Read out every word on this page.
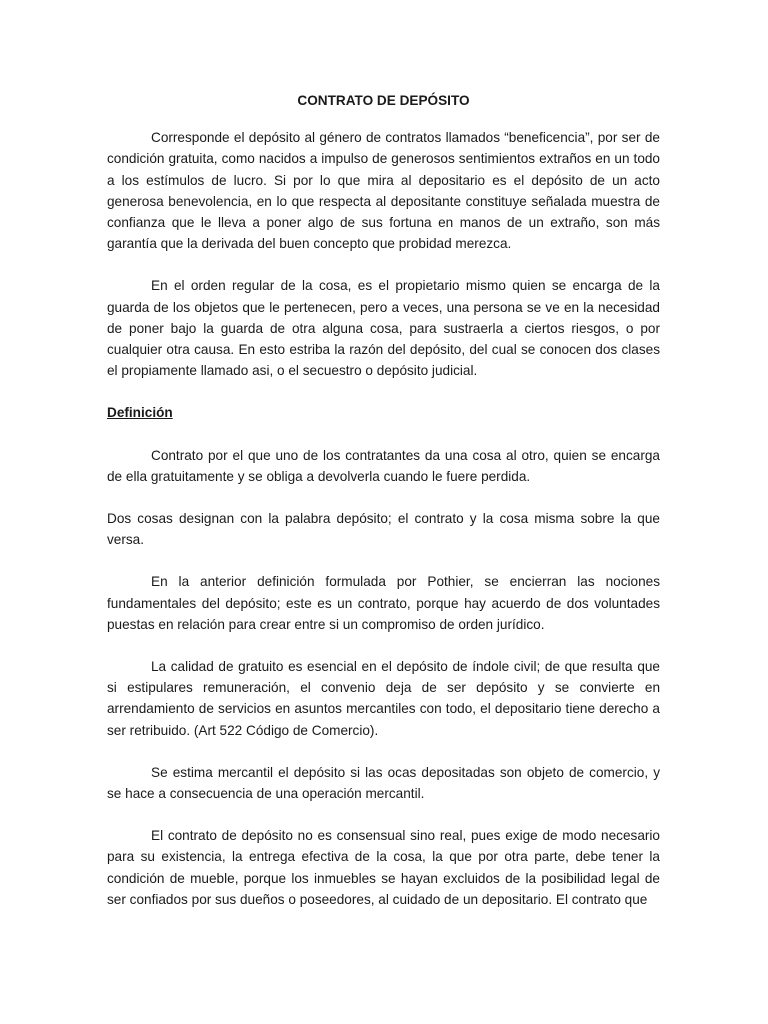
CONTRATO DE DEPÓSITO

Corresponde el depósito al género de contratos llamados “beneficencia”, por ser de condición gratuita, como nacidos a impulso de generosos sentimientos extraños en un todo a los estímulos de lucro. Si por lo que mira al depositario es el depósito de un acto generosa benevolencia, en lo que respecta al depositante constituye señalada muestra de confianza que le lleva a poner algo de sus fortuna en manos de un extraño, son más garantía que la derivada del buen concepto que probidad merezca.

En el orden regular de la cosa, es el propietario mismo quien se encarga de la guarda de los objetos que le pertenecen, pero a veces, una persona se ve en la necesidad de poner bajo la guarda de otra alguna cosa, para sustraerla a ciertos riesgos, o por cualquier otra causa. En esto estriba la razón del depósito, del cual se conocen dos clases el propiamente llamado asi, o el secuestro o depósito judicial.

Definición

Contrato por el que uno de los contratantes da una cosa al otro, quien se encarga de ella gratuitamente y se obliga a devolverla cuando le fuere perdida.

Dos cosas designan con la palabra depósito; el contrato y la cosa misma sobre la que versa.

En la anterior definición formulada por Pothier, se encierran las nociones fundamentales del depósito; este es un contrato, porque hay acuerdo de dos voluntades puestas en relación para crear entre si un compromiso de orden jurídico.

La calidad de gratuito es esencial en el depósito de índole civil; de que resulta que si estipulares remuneración, el convenio deja de ser depósito y se convierte en arrendamiento de servicios en asuntos mercantiles con todo, el depositario tiene derecho a ser retribuido. (Art 522 Código de Comercio).

Se estima mercantil el depósito si las ocas depositadas son objeto de comercio, y se hace a consecuencia de una operación mercantil.

El contrato de depósito no es consensual sino real, pues exige de modo necesario para su existencia, la entrega efectiva de la cosa, la que por otra parte, debe tener la condición de mueble, porque los inmuebles se hayan excluidos de la posibilidad legal de ser confiados por sus dueños o poseedores, al cuidado de un depositario. El contrato que
